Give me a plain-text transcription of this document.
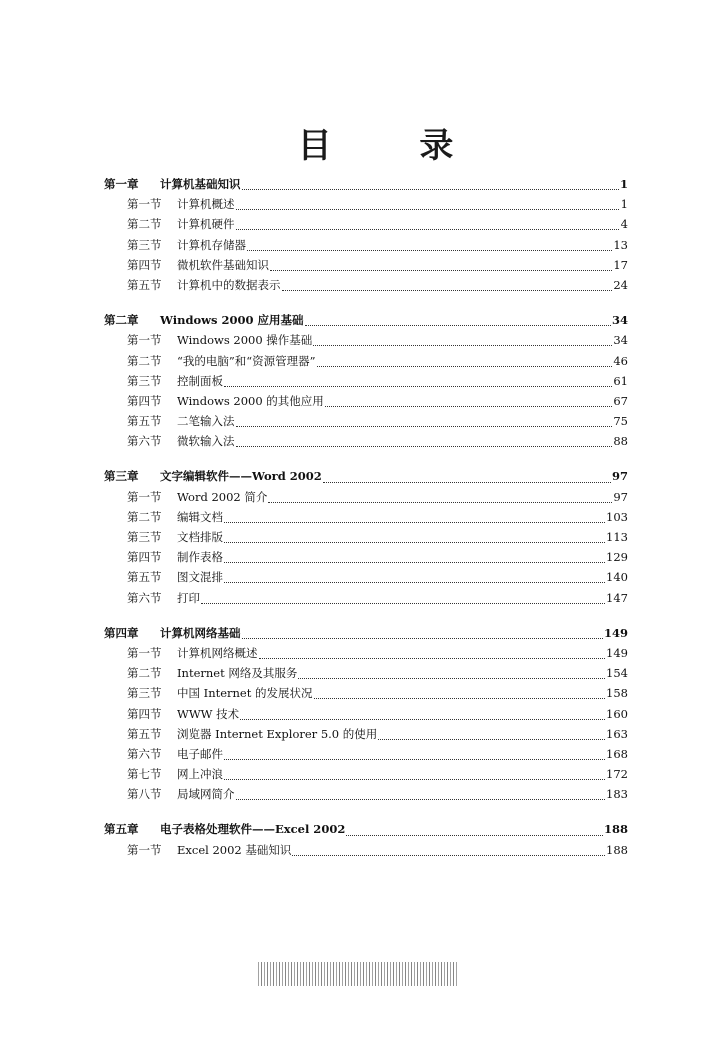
目 录
第一章	计算机基础知识	1
第一节	计算机概述	1
第二节	计算机硬件	4
第三节	计算机存储器	13
第四节	微机软件基础知识	17
第五节	计算机中的数据表示	24
第二章	Windows 2000 应用基础	34
第一节	Windows 2000 操作基础	34
第二节	“我的电脑”和“资源管理器”	46
第三节	控制面板	61
第四节	Windows 2000 的其他应用	67
第五节	二笔输入法	75
第六节	微软输入法	88
第三章	文字编辑软件——Word 2002	97
第一节	Word 2002 简介	97
第二节	编辑文档	103
第三节	文档排版	113
第四节	制作表格	129
第五节	图文混排	140
第六节	打印	147
第四章	计算机网络基础	149
第一节	计算机网络概述	149
第二节	Internet 网络及其服务	154
第三节	中国 Internet 的发展状况	158
第四节	WWW 技术	160
第五节	浏览器 Internet Explorer 5.0 的使用	163
第六节	电子邮件	168
第七节	网上冲浪	172
第八节	局域网简介	183
第五章	电子表格处理软件——Excel 2002	188
第一节	Excel 2002 基础知识	188
